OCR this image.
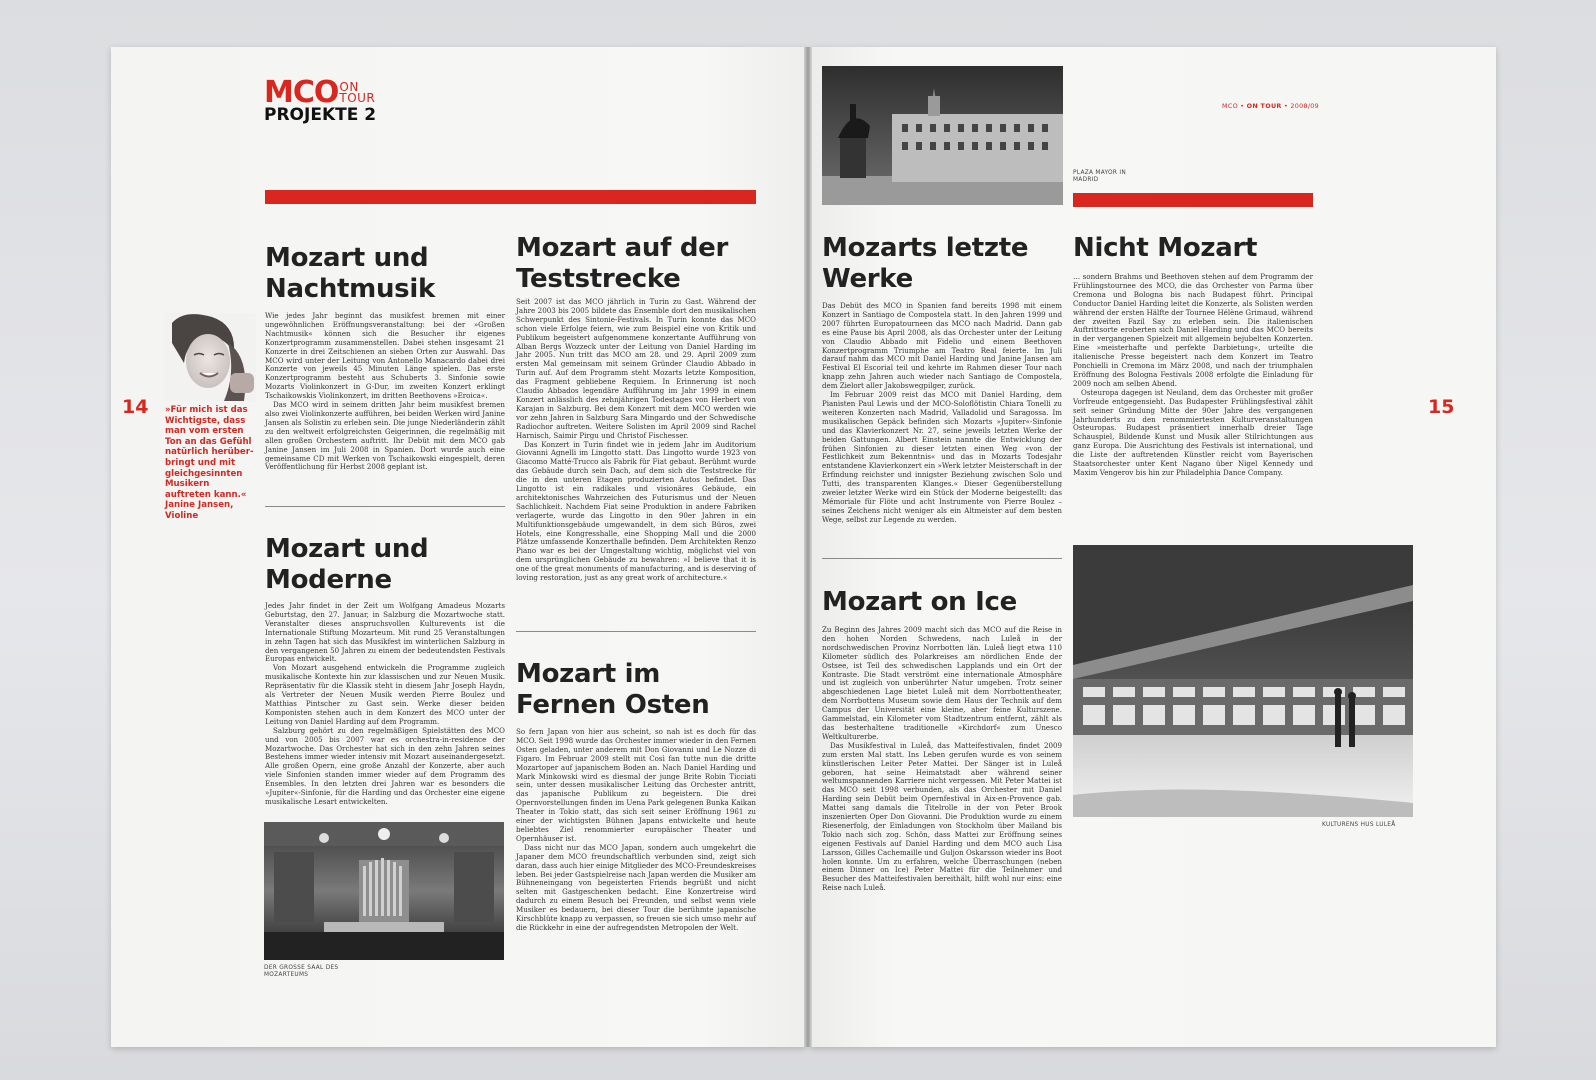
MCO ON
TOUR
PROJEKTE 2	MCO • ON TOUR • 2008/09
14	15
»Für mich ist das Wichtigste, dass man vom ersten Ton an das Gefühl natürlich herüberbringt und mit gleichgesinnten Musikern auftreten kann.« Janine Jansen, Violine
Mozart und Nachtmusik

Wie jedes Jahr beginnt das musikfest bremen mit einer ungewöhnlichen Eröffnungsveranstaltung: bei der »Großen Nachtmusik« können sich die Besucher ihr eigenes Konzertprogramm zusammenstellen. Dabei stehen insgesamt 21 Konzerte in drei Zeitschienen an sieben Orten zur Auswahl. Das MCO wird unter der Leitung von Antonello Manacardo dabei drei Konzerte von jeweils 45 Minuten Länge spielen. Das erste Konzertprogramm besteht aus Schuberts 3. Sinfonie sowie Mozarts Violinkonzert in G-Dur, im zweiten Konzert erklingt Tschaikowskis Violinkonzert, im dritten Beethovens »Eroica«.

Das MCO wird in seinem dritten Jahr beim musikfest bremen also zwei Violinkonzerte aufführen, bei beiden Werken wird Janine Jansen als Solistin zu erleben sein. Die junge Niederländerin zählt zu den weltweit erfolgreichsten Geigerinnen, die regelmäßig mit allen großen Orchestern auftritt. Ihr Debüt mit dem MCO gab Janine Jansen im Juli 2008 in Spanien. Dort wurde auch eine gemeinsame CD mit Werken von Tschaikowski eingespielt, deren Veröffentlichung für Herbst 2008 geplant ist.

Mozart und Moderne

Jedes Jahr findet in der Zeit um Wolfgang Amadeus Mozarts Geburtstag, den 27. Januar, in Salzburg die Mozartwoche statt. Veranstalter dieses anspruchsvollen Kulturevents ist die Internationale Stiftung Mozarteum. Mit rund 25 Veranstaltungen in zehn Tagen hat sich das Musikfest im winterlichen Salzburg in den vergangenen 50 Jahren zu einem der bedeutendsten Festivals Europas entwickelt.

Von Mozart ausgehend entwickeln die Programme zugleich musikalische Kontexte hin zur klassischen und zur Neuen Musik. Repräsentativ für die Klassik steht in diesem Jahr Joseph Haydn, als Vertreter der Neuen Musik werden Pierre Boulez und Matthias Pintscher zu Gast sein. Werke dieser beiden Komponisten stehen auch in dem Konzert des MCO unter der Leitung von Daniel Harding auf dem Programm.

Salzburg gehört zu den regelmäßigen Spielstätten des MCO und von 2005 bis 2007 war es orchestra-in-residence der Mozartwoche. Das Orchester hat sich in den zehn Jahren seines Bestehens immer wieder intensiv mit Mozart auseinandergesetzt. Alle großen Opern, eine große Anzahl der Konzerte, aber auch viele Sinfonien standen immer wieder auf dem Programm des Ensembles. In den letzten drei Jahren war es besonders die »Jupiter«-Sinfonie, für die Harding und das Orchester eine eigene musikalische Lesart entwickelten.

DER GROSSE SAAL DES MOZARTEUMS
Mozart auf der Teststrecke

Seit 2007 ist das MCO jährlich in Turin zu Gast. Während der Jahre 2003 bis 2005 bildete das Ensemble dort den musikalischen Schwerpunkt des Sintonie-Festivals. In Turin konnte das MCO schon viele Erfolge feiern, wie zum Beispiel eine von Kritik und Publikum begeistert aufgenommene konzertante Aufführung von Alban Bergs Wozzeck unter der Leitung von Daniel Harding im Jahr 2005. Nun tritt das MCO am 28. und 29. April 2009 zum ersten Mal gemeinsam mit seinem Gründer Claudio Abbado in Turin auf. Auf dem Programm steht Mozarts letzte Komposition, das Fragment gebliebene Requiem. In Erinnerung ist noch Claudio Abbados legendäre Aufführung im Jahr 1999 in einem Konzert anlässlich des zehnjährigen Todestages von Herbert von Karajan in Salzburg. Bei dem Konzert mit dem MCO werden wie vor zehn Jahren in Salzburg Sara Mingardo und der Schwedische Radiochor auftreten. Weitere Solisten im April 2009 sind Rachel Harnisch, Saimir Pirgu und Christof Fischesser.

Das Konzert in Turin findet wie in jedem Jahr im Auditorium Giovanni Agnelli im Lingotto statt. Das Lingotto wurde 1923 von Giacomo Matté-Trucco als Fabrik für Fiat gebaut. Berühmt wurde das Gebäude durch sein Dach, auf dem sich die Teststrecke für die in den unteren Etagen produzierten Autos befindet. Das Lingotto ist ein radikales und visionäres Gebäude, ein architektonisches Wahrzeichen des Futurismus und der Neuen Sachlichkeit. Nachdem Fiat seine Produktion in andere Fabriken verlagerte, wurde das Lingotto in den 90er Jahren in ein Multifunktionsgebäude umgewandelt, in dem sich Büros, zwei Hotels, eine Kongresshalle, eine Shopping Mall und die 2000 Plätze umfassende Konzerthalle befinden. Dem Architekten Renzo Piano war es bei der Umgestaltung wichtig, möglichst viel von dem ursprünglichen Gebäude zu bewahren: »I believe that it is one of the great monuments of manufacturing, and is deserving of loving restoration, just as any great work of architecture.«

Mozart im Fernen Osten

So fern Japan von hier aus scheint, so nah ist es doch für das MCO. Seit 1998 wurde das Orchester immer wieder in den Fernen Osten geladen, unter anderem mit Don Giovanni und Le Nozze di Figaro. Im Februar 2009 stellt mit Così fan tutte nun die dritte Mozartoper auf japanischem Boden an. Nach Daniel Harding und Mark Minkowski wird es diesmal der junge Brite Robin Ticciati sein, unter dessen musikalischer Leitung das Orchester antritt, das japanische Publikum zu begeistern. Die drei Opernvorstellungen finden im Uena Park gelegenen Bunka Kaikan Theater in Tokio statt, das sich seit seiner Eröffnung 1961 zu einer der wichtigsten Bühnen Japans entwickelte und heute beliebtes Ziel renommierter europäischer Theater und Opernhäuser ist.

Dass nicht nur das MCO Japan, sondern auch umgekehrt die Japaner dem MCO freundschaftlich verbunden sind, zeigt sich daran, dass auch hier einige Mitglieder des MCO-Freundeskreises leben. Bei jeder Gastspielreise nach Japan werden die Musiker am Bühneneingang von begeisterten Friends begrüßt und nicht selten mit Gastgeschenken bedacht. Eine Konzertreise wird dadurch zu einem Besuch bei Freunden, und selbst wenn viele Musiker es bedauern, bei dieser Tour die berühmte japanische Kirschblüte knapp zu verpassen, so freuen sie sich umso mehr auf die Rückkehr in eine der aufregendsten Metropolen der Welt.

PLAZA MAYOR IN MADRID
Mozarts letzte Werke

Das Debüt des MCO in Spanien fand bereits 1998 mit einem Konzert in Santiago de Compostela statt. In den Jahren 1999 und 2007 führten Europatourneen das MCO nach Madrid. Dann gab es eine Pause bis April 2008, als das Orchester unter der Leitung von Claudio Abbado mit Fidelio und einem Beethoven Konzertprogramm Triumphe am Teatro Real feierte. Im Juli darauf nahm das MCO mit Daniel Harding und Janine Jansen am Festival El Escorial teil und kehrte im Rahmen dieser Tour nach knapp zehn Jahren auch wieder nach Santiago de Compostela, dem Zielort aller Jakobswegpilger, zurück.

Im Februar 2009 reist das MCO mit Daniel Harding, dem Pianisten Paul Lewis und der MCO-Soloflötistin Chiara Tonelli zu weiteren Konzerten nach Madrid, Valladolid und Saragossa. Im musikalischen Gepäck befinden sich Mozarts »Jupiter«-Sinfonie und das Klavierkonzert Nr. 27, seine jeweils letzten Werke der beiden Gattungen. Albert Einstein nannte die Entwicklung der frühen Sinfonien zu dieser letzten einen Weg »von der Festlichkeit zum Bekenntnis« und das in Mozarts Todesjahr entstandene Klavierkonzert ein »Werk letzter Meisterschaft in der Erfindung reichster und innigster Beziehung zwischen Solo und Tutti, des transparenten Klanges.« Dieser Gegenüberstellung zweier letzter Werke wird ein Stück der Moderne beigestellt: das Mémoriale für Flöte und acht Instrumente von Pierre Boulez – seines Zeichens nicht weniger als ein Altmeister auf dem besten Wege, selbst zur Legende zu werden.

Mozart on Ice

Zu Beginn des Jahres 2009 macht sich das MCO auf die Reise in den hohen Norden Schwedens, nach Luleå in der nordschwedischen Provinz Norrbotten län. Luleå liegt etwa 110 Kilometer südlich des Polarkreises am nördlichen Ende der Ostsee, ist Teil des schwedischen Lapplands und ein Ort der Kontraste. Die Stadt verströmt eine internationale Atmosphäre und ist zugleich von unberührter Natur umgeben. Trotz seiner abgeschiedenen Lage bietet Luleå mit dem Norrbottentheater, dem Norrbottens Museum sowie dem Haus der Technik auf dem Campus der Universität eine kleine, aber feine Kulturszene. Gammelstad, ein Kilometer vom Stadtzentrum entfernt, zählt als das besterhaltene traditionelle »Kirchdorf« zum Unesco Weltkulturerbe.

Das Musikfestival in Luleå, das Matteifestivalen, findet 2009 zum ersten Mal statt. Ins Leben gerufen wurde es von seinem künstlerischen Leiter Peter Mattei. Der Sänger ist in Luleå geboren, hat seine Heimatstadt aber während seiner weltumspannenden Karriere nicht vergessen. Mit Peter Mattei ist das MCO seit 1998 verbunden, als das Orchester mit Daniel Harding sein Debüt beim Opernfestival in Aix-en-Provence gab. Mattei sang damals die Titelrolle in der von Peter Brook inszenierten Oper Don Giovanni. Die Produktion wurde zu einem Riesenerfolg, der Einladungen von Stockholm über Mailand bis Tokio nach sich zog. Schön, dass Mattei zur Eröffnung seines eigenen Festivals auf Daniel Harding und dem MCO auch Lisa Larsson, Gilles Cachemaille und Guljon Oskarsson wieder ins Boot holen konnte. Um zu erfahren, welche Überraschungen (neben einem Dinner on Ice) Peter Mattei für die Teilnehmer und Besucher des Matteifestivalen bereithält, hilft wohl nur eins: eine Reise nach Luleå.

Nicht Mozart

… sondern Brahms und Beethoven stehen auf dem Programm der Frühlingstournee des MCO, die das Orchester von Parma über Cremona und Bologna bis nach Budapest führt. Principal Conductor Daniel Harding leitet die Konzerte, als Solisten werden während der ersten Hälfte der Tournee Hélène Grimaud, während der zweiten Fazil Say zu erleben sein. Die italienischen Auftrittsorte eroberten sich Daniel Harding und das MCO bereits in der vergangenen Spielzeit mit allgemein bejubelten Konzerten. Eine »meisterhafte und perfekte Darbietung«, urteilte die italienische Presse begeistert nach dem Konzert im Teatro Ponchielli in Cremona im März 2008, und nach der triumphalen Eröffnung des Bologna Festivals 2008 erfolgte die Einladung für 2009 noch am selben Abend.

Osteuropa dagegen ist Neuland, dem das Orchester mit großer Vorfreude entgegensieht. Das Budapester Frühlingsfestival zählt seit seiner Gründung Mitte der 90er Jahre des vergangenen Jahrhunderts zu den renommiertesten Kulturveranstaltungen Osteuropas. Budapest präsentiert innerhalb dreier Tage Schauspiel, Bildende Kunst und Musik aller Stilrichtungen aus ganz Europa. Die Ausrichtung des Festivals ist international, und die Liste der auftretenden Künstler reicht vom Bayerischen Staatsorchester unter Kent Nagano über Nigel Kennedy und Maxim Vengerov bis hin zur Philadelphia Dance Company.

KULTURENS HUS LULEÅ
